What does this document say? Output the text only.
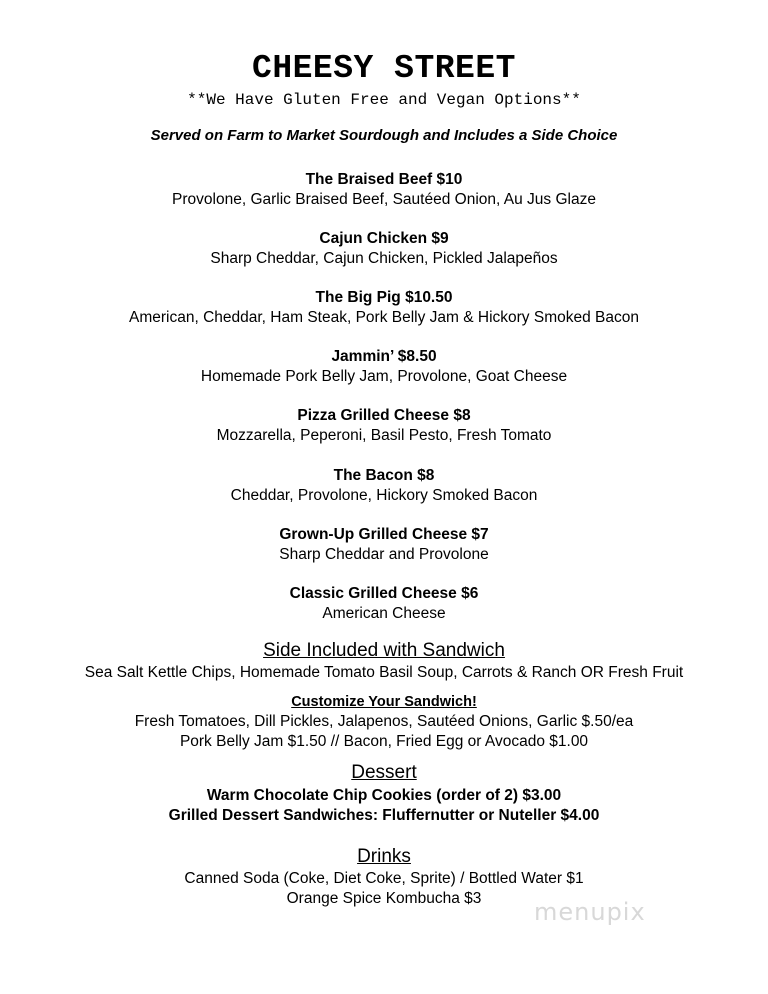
CHEESY STREET
**We Have Gluten Free and Vegan Options**
Served on Farm to Market Sourdough and Includes a Side Choice
The Braised Beef $10
Provolone, Garlic Braised Beef, Sautéed Onion, Au Jus Glaze
Cajun Chicken $9
Sharp Cheddar, Cajun Chicken, Pickled Jalapeños
The Big Pig $10.50
American, Cheddar, Ham Steak, Pork Belly Jam & Hickory Smoked Bacon
Jammin’ $8.50
Homemade Pork Belly Jam, Provolone, Goat Cheese
Pizza Grilled Cheese $8
Mozzarella, Peperoni, Basil Pesto, Fresh Tomato
The Bacon $8
Cheddar, Provolone, Hickory Smoked Bacon
Grown-Up Grilled Cheese $7
Sharp Cheddar and Provolone
Classic Grilled Cheese $6
American Cheese
Side Included with Sandwich
Sea Salt Kettle Chips, Homemade Tomato Basil Soup, Carrots & Ranch OR Fresh Fruit
Customize Your Sandwich!
Fresh Tomatoes, Dill Pickles, Jalapenos, Sautéed Onions, Garlic $.50/ea
Pork Belly Jam $1.50 // Bacon, Fried Egg or Avocado $1.00
Dessert
Warm Chocolate Chip Cookies (order of 2) $3.00
Grilled Dessert Sandwiches: Fluffernutter or Nuteller $4.00
Drinks
Canned Soda (Coke, Diet Coke, Sprite) / Bottled Water $1
Orange Spice Kombucha $3	menupix
